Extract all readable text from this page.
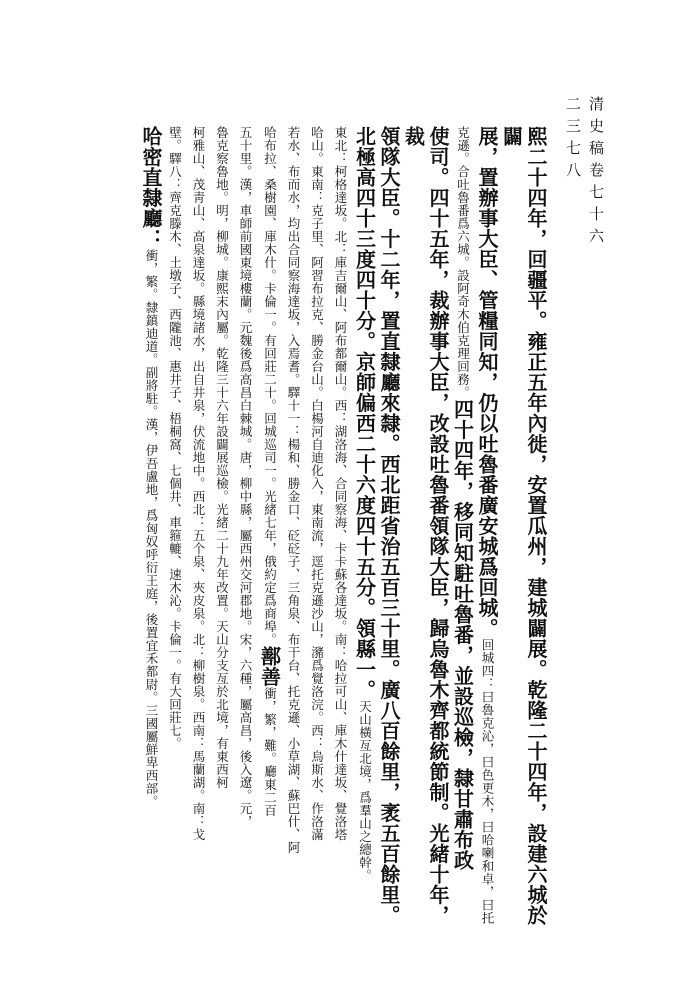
清史稿卷七十六
二三七八
熙二十四年，回疆平。雍正五年內徙，安置瓜州，建城闢展。乾隆二十四年，設建六城於闢
展，置辦事大臣、管糧同知，仍以吐魯番廣安城爲回城。回城四：曰魯克沁，曰色更木，曰哈喇和卓，曰托
克遜。合吐魯番爲六城。設阿奇木伯克理回務。四十四年，移同知駐吐魯番，並設巡檢，隸甘肅布政
使司。四十五年，裁辦事大臣，改設吐魯番領隊大臣，歸烏魯木齊都統節制。光緒十年，裁
領隊大臣。十二年，置直隸廳來隸。西北距省治五百三十里。廣八百餘里，袤五百餘里。
北極高四十三度四十分。京師偏西二十六度四十五分。領縣一。天山橫亙北境，爲羣山之總幹。
東北：柯格達坂。北：庫吉爾山、阿布都爾山。西：湖洛海、合同察海、卡卡蘇各達坂。南：哈拉可山、庫木什達坂、覺洛塔
哈山。東南：克子里、阿習布拉克、勝金台山。白楊河自迪化入，東南流，逕托克遜沙山，瀦爲覺洛浣。西：烏斯水、作洛滿
若水、布而水，均出合同察海達坂，入焉耆。驛十一：楊和、勝金口、砭砭子、三角泉、布干台、托克遜、小草湖、蘇巴什、阿
哈布拉、桑樹園、庫木什。卡倫一。有回莊二十。回城巡司一。光緒七年，俄約定爲商埠。鄯善衝，繁，難。廳東二百
五十里。漢，車師前國東境樓蘭。元魏後爲高昌白棘城。唐，柳中縣，屬西州交河郡地。宋，六種，屬高昌，後入遼。元，
魯克察魯地。明，柳城。康熙末內屬。乾隆三十六年設闢展巡檢。光緒二十九年改置。天山分支亙於北境，有東西柯
柯雅山、茂靑山、高泉達坂。縣境諸水，出自井泉，伏流地中。西北：五个泉、夾皮泉。北：柳樹泉。西南：馬蘭湖。南：戈
壁。驛八：齊克滕木、土墩子、西隴池、惠井子、梧桐窩、七個井、車箍轆、速木沁。卡倫一。有大回莊七。
哈密直隸廳：衝，繁。隸鎮迪道。副將駐。漢，伊吾盧地，爲匈奴呼衍王庭，後置宜禾都尉。三國屬鮮卑西部。
